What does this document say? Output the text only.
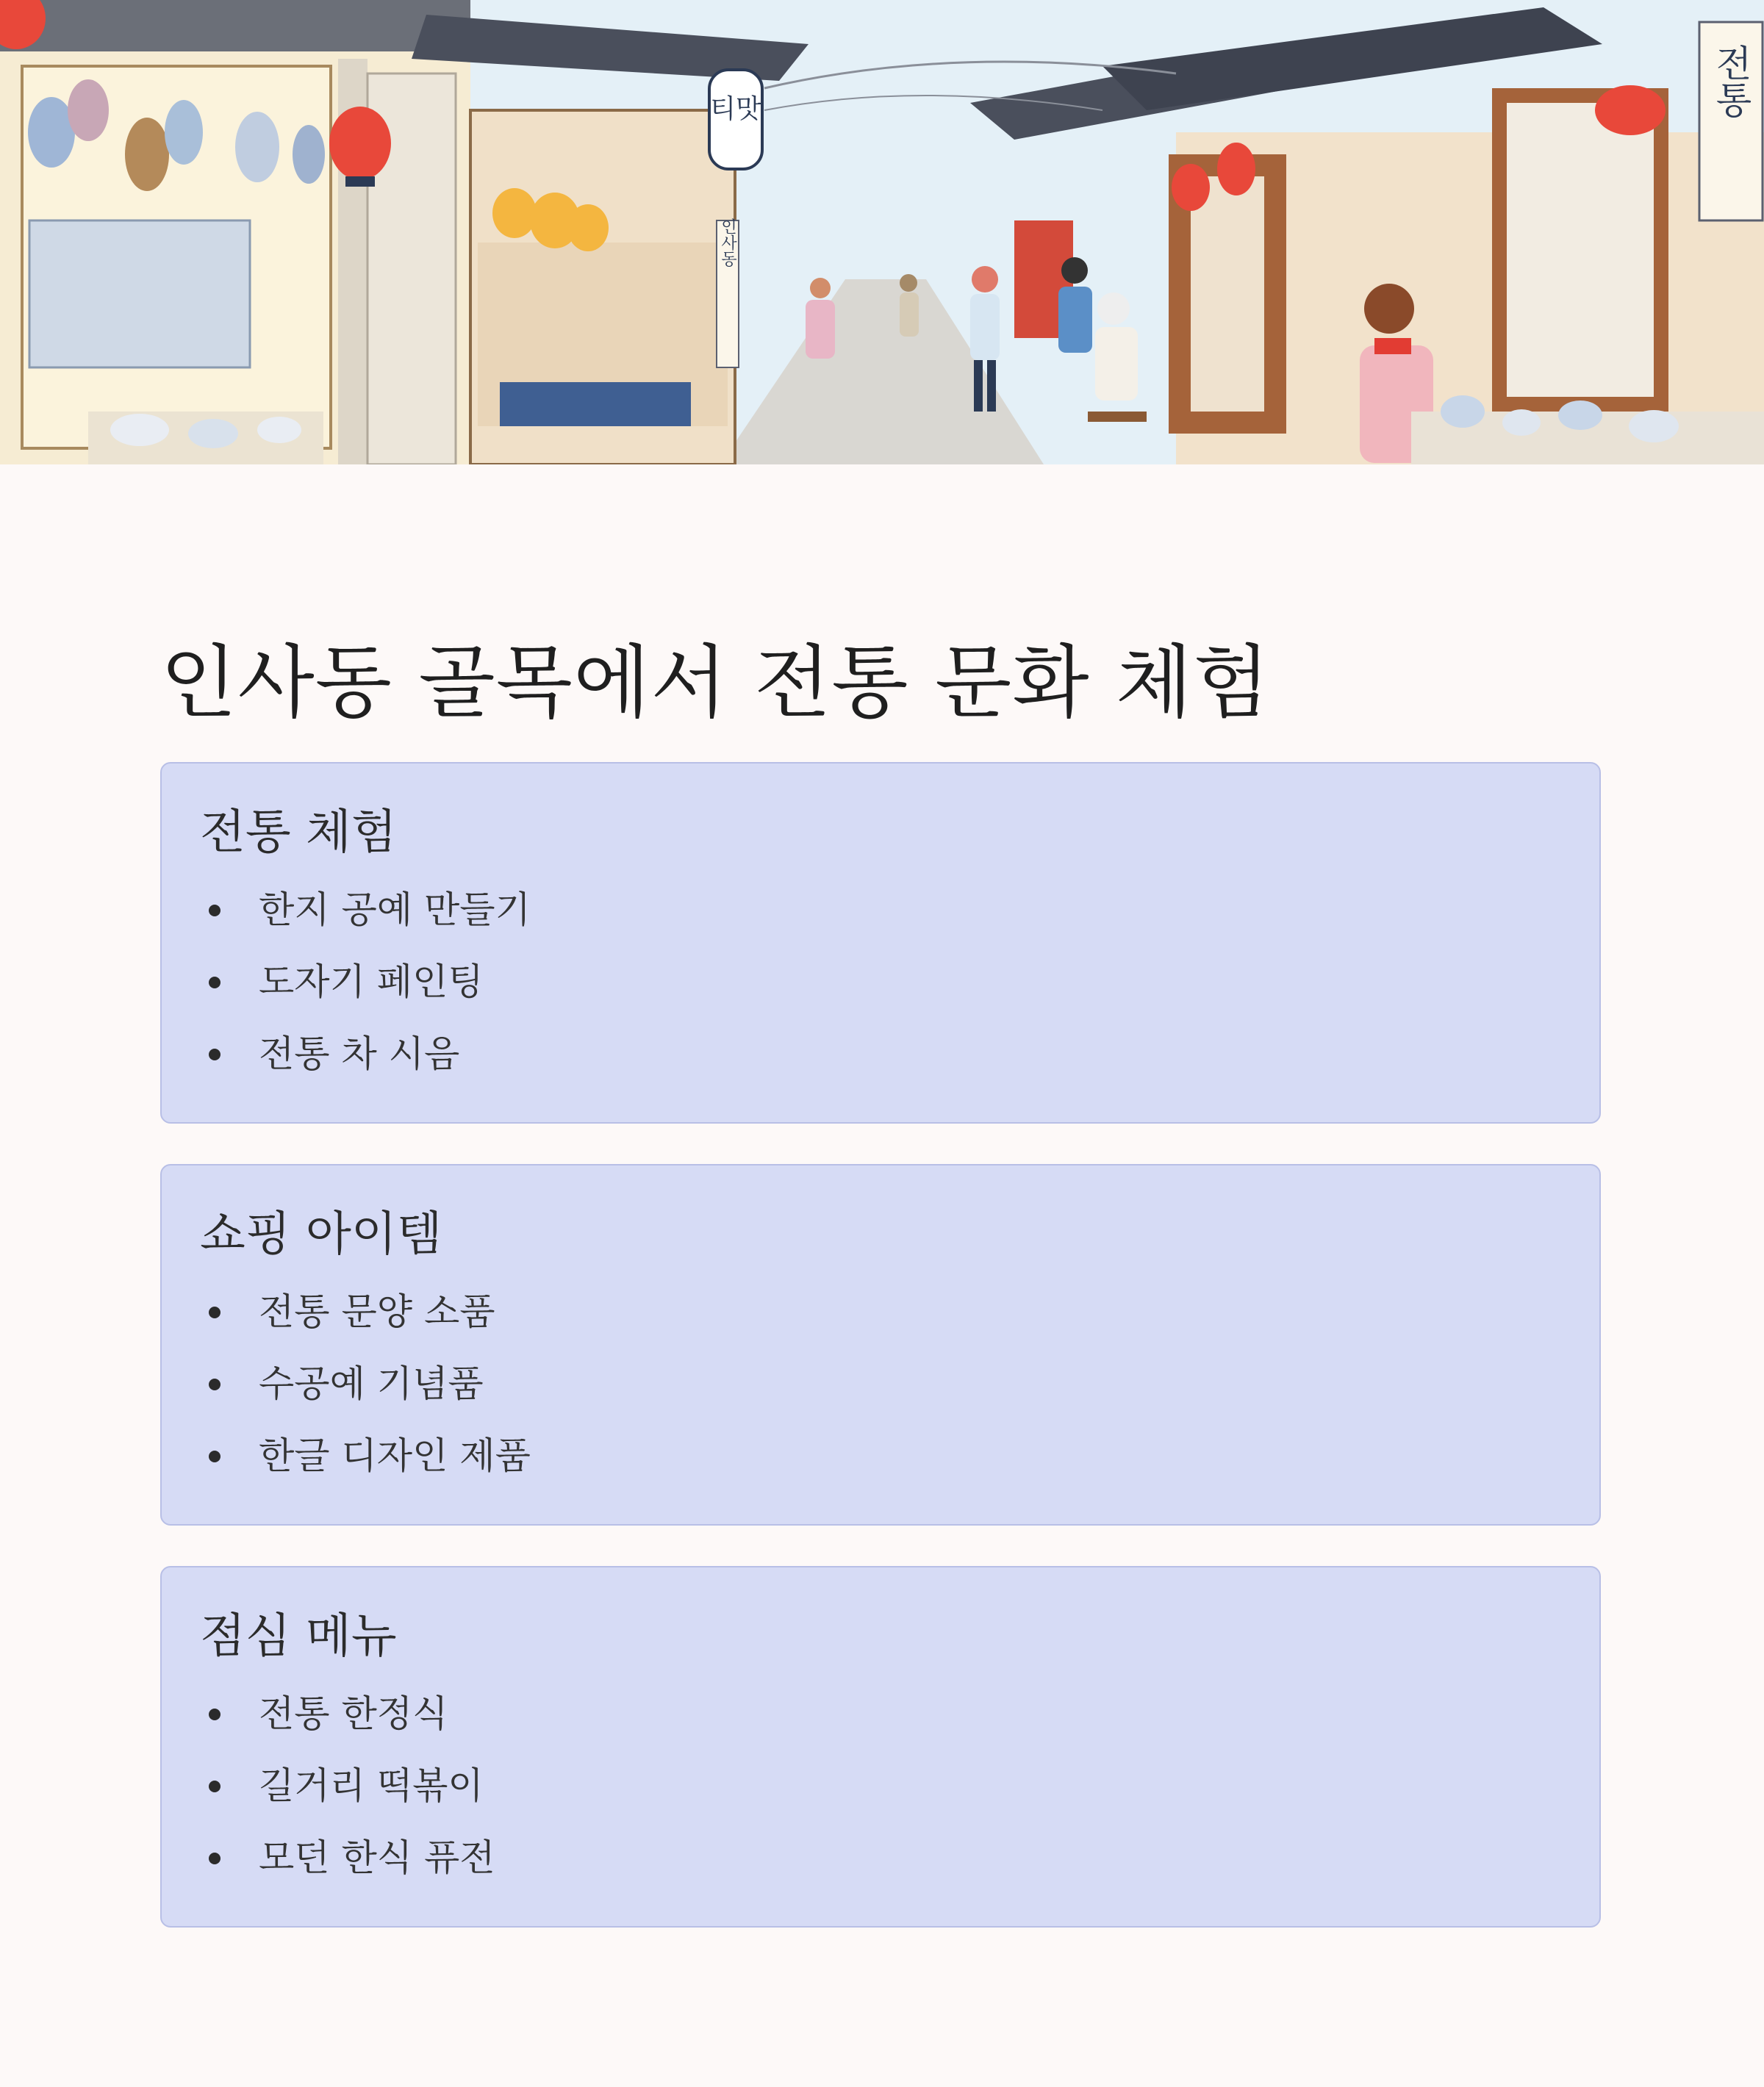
티맛	전통
인사동
인사동 골목에서 전통 문화 체험
전통 체험
한지 공예 만들기
도자기 페인팅
전통 차 시음
쇼핑 아이템
전통 문양 소품
수공예 기념품
한글 디자인 제품
점심 메뉴
전통 한정식
길거리 떡볶이
모던 한식 퓨전
